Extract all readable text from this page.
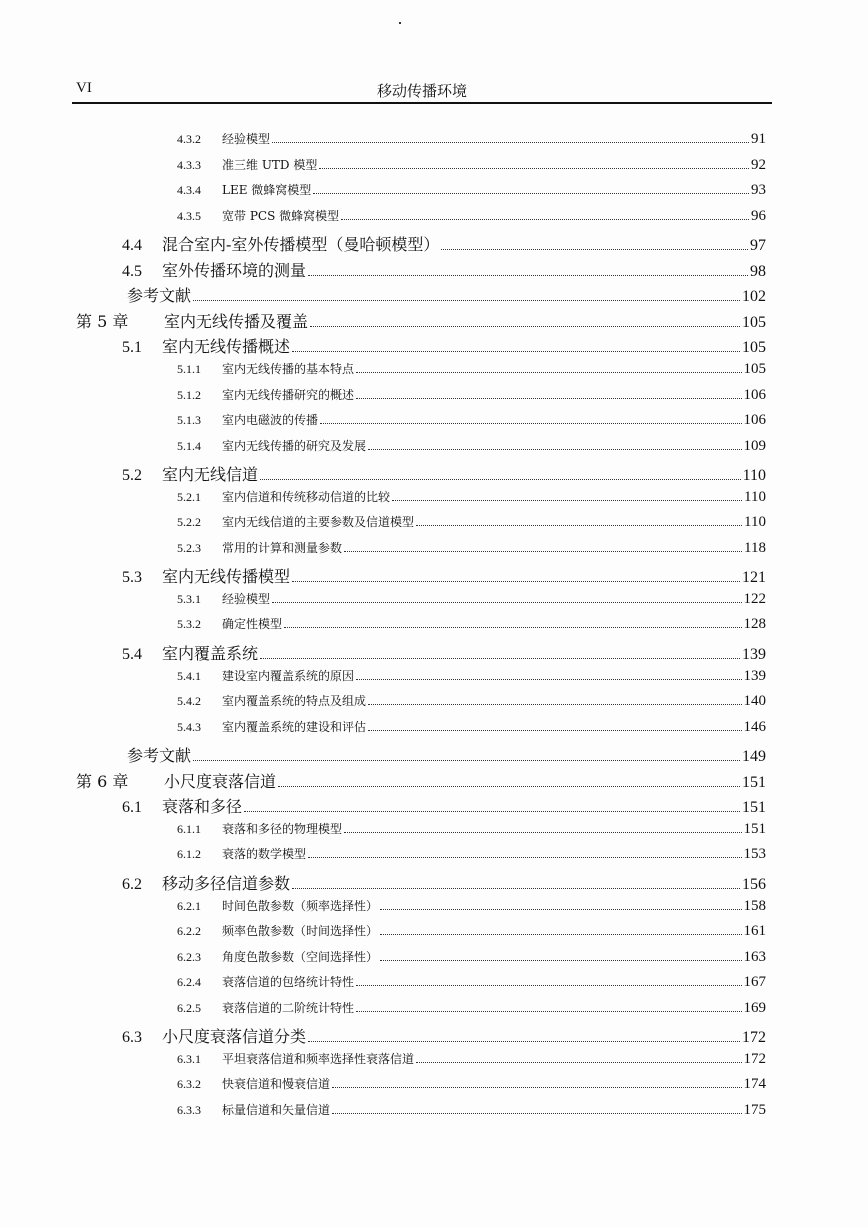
VI	移动传播环境
4.3.2	经验模型	91
4.3.3	准三维 UTD 模型	92
4.3.4	LEE 微蜂窝模型	93
4.3.5	宽带 PCS 微蜂窝模型	96
4.4	混合室内-室外传播模型（曼哈顿模型）	97
4.5	室外传播环境的测量	98
参考文献	102
第 5 章	室内无线传播及覆盖	105
5.1	室内无线传播概述	105
5.1.1	室内无线传播的基本特点	105
5.1.2	室内无线传播研究的概述	106
5.1.3	室内电磁波的传播	106
5.1.4	室内无线传播的研究及发展	109
5.2	室内无线信道	110
5.2.1	室内信道和传统移动信道的比较	110
5.2.2	室内无线信道的主要参数及信道模型	110
5.2.3	常用的计算和测量参数	118
5.3	室内无线传播模型	121
5.3.1	经验模型	122
5.3.2	确定性模型	128
5.4	室内覆盖系统	139
5.4.1	建设室内覆盖系统的原因	139
5.4.2	室内覆盖系统的特点及组成	140
5.4.3	室内覆盖系统的建设和评估	146
参考文献	149
第 6 章	小尺度衰落信道	151
6.1	衰落和多径	151
6.1.1	衰落和多径的物理模型	151
6.1.2	衰落的数学模型	153
6.2	移动多径信道参数	156
6.2.1	时间色散参数（频率选择性）	158
6.2.2	频率色散参数（时间选择性）	161
6.2.3	角度色散参数（空间选择性）	163
6.2.4	衰落信道的包络统计特性	167
6.2.5	衰落信道的二阶统计特性	169
6.3	小尺度衰落信道分类	172
6.3.1	平坦衰落信道和频率选择性衰落信道	172
6.3.2	快衰信道和慢衰信道	174
6.3.3	标量信道和矢量信道	175
